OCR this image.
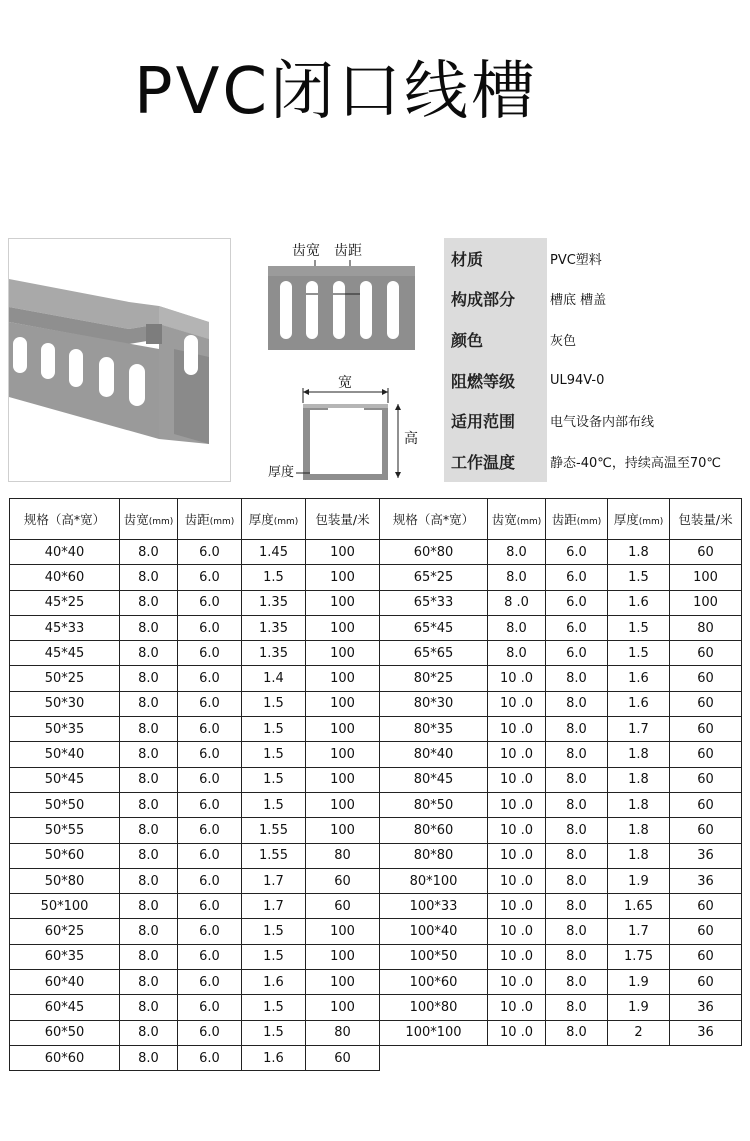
PVC闭口线槽
齿宽 齿距
宽
高
厚度
材质	PVC塑料
构成部分	槽底 槽盖
颜色	灰色
阻燃等级	UL94V-0
适用范围	电气设备内部布线
工作温度	静态-40℃，持续高温至70℃
规格（高*宽）	齿宽(mm)	齿距(mm)	厚度(mm)	包装量/米	规格（高*宽）	齿宽(mm)	齿距(mm)	厚度(mm)	包装量/米
40*40	8.0	6.0	1.45	100	60*80	8.0	6.0	1.8	60
40*60	8.0	6.0	1.5	100	65*25	8.0	6.0	1.5	100
45*25	8.0	6.0	1.35	100	65*33	8 .0	6.0	1.6	100
45*33	8.0	6.0	1.35	100	65*45	8.0	6.0	1.5	80
45*45	8.0	6.0	1.35	100	65*65	8.0	6.0	1.5	60
50*25	8.0	6.0	1.4	100	80*25	10 .0	8.0	1.6	60
50*30	8.0	6.0	1.5	100	80*30	10 .0	8.0	1.6	60
50*35	8.0	6.0	1.5	100	80*35	10 .0	8.0	1.7	60
50*40	8.0	6.0	1.5	100	80*40	10 .0	8.0	1.8	60
50*45	8.0	6.0	1.5	100	80*45	10 .0	8.0	1.8	60
50*50	8.0	6.0	1.5	100	80*50	10 .0	8.0	1.8	60
50*55	8.0	6.0	1.55	100	80*60	10 .0	8.0	1.8	60
50*60	8.0	6.0	1.55	80	80*80	10 .0	8.0	1.8	36
50*80	8.0	6.0	1.7	60	80*100	10 .0	8.0	1.9	36
50*100	8.0	6.0	1.7	60	100*33	10 .0	8.0	1.65	60
60*25	8.0	6.0	1.5	100	100*40	10 .0	8.0	1.7	60
60*35	8.0	6.0	1.5	100	100*50	10 .0	8.0	1.75	60
60*40	8.0	6.0	1.6	100	100*60	10 .0	8.0	1.9	60
60*45	8.0	6.0	1.5	100	100*80	10 .0	8.0	1.9	36
60*50	8.0	6.0	1.5	80	100*100	10 .0	8.0	2	36
60*60	8.0	6.0	1.6	60					
